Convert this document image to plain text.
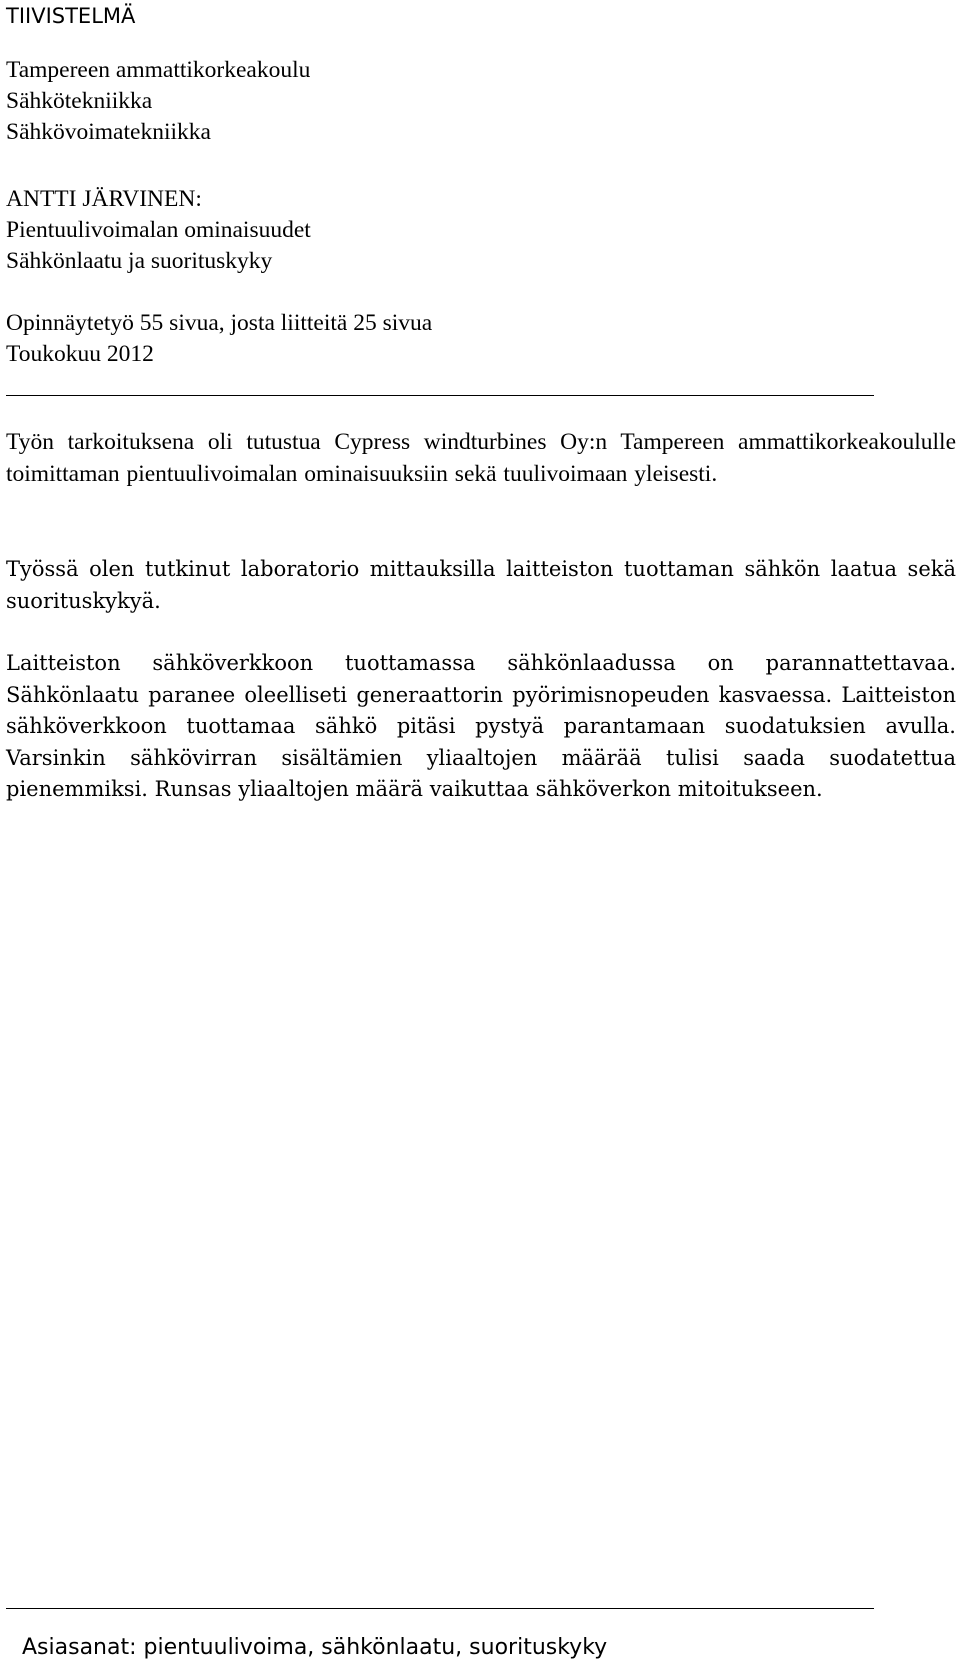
TIIVISTELMÄ
Tampereen ammattikorkeakoulu
Sähkötekniikka
Sähkövoimatekniikka
ANTTI JÄRVINEN:
Pientuulivoimalan ominaisuudet
Sähkönlaatu ja suorituskyky
Opinnäytetyö 55 sivua, josta liitteitä 25 sivua
Toukokuu 2012

Työn tarkoituksena oli tutustua Cypress windturbines Oy:n Tampereen ammattikorkeakoululle toimittaman pientuulivoimalan ominaisuuksiin sekä tuulivoimaan yleisesti.

Työssä olen tutkinut laboratorio mittauksilla laitteiston tuottaman sähkön laatua sekä suorituskykyä.

Laitteiston sähköverkkoon tuottamassa sähkönlaadussa on parannattettavaa. Sähkönlaatu paranee oleelliseti generaattorin pyörimisnopeuden kasvaessa. Laitteiston sähköverkkoon tuottamaa sähkö pitäsi pystyä parantamaan suodatuksien avulla. Varsinkin sähkövirran sisältämien yliaaltojen määrää tulisi saada suodatettua pienemmiksi. Runsas yliaaltojen määrä vaikuttaa sähköverkon mitoitukseen.

Asiasanat: pientuulivoima, sähkönlaatu, suorituskyky
